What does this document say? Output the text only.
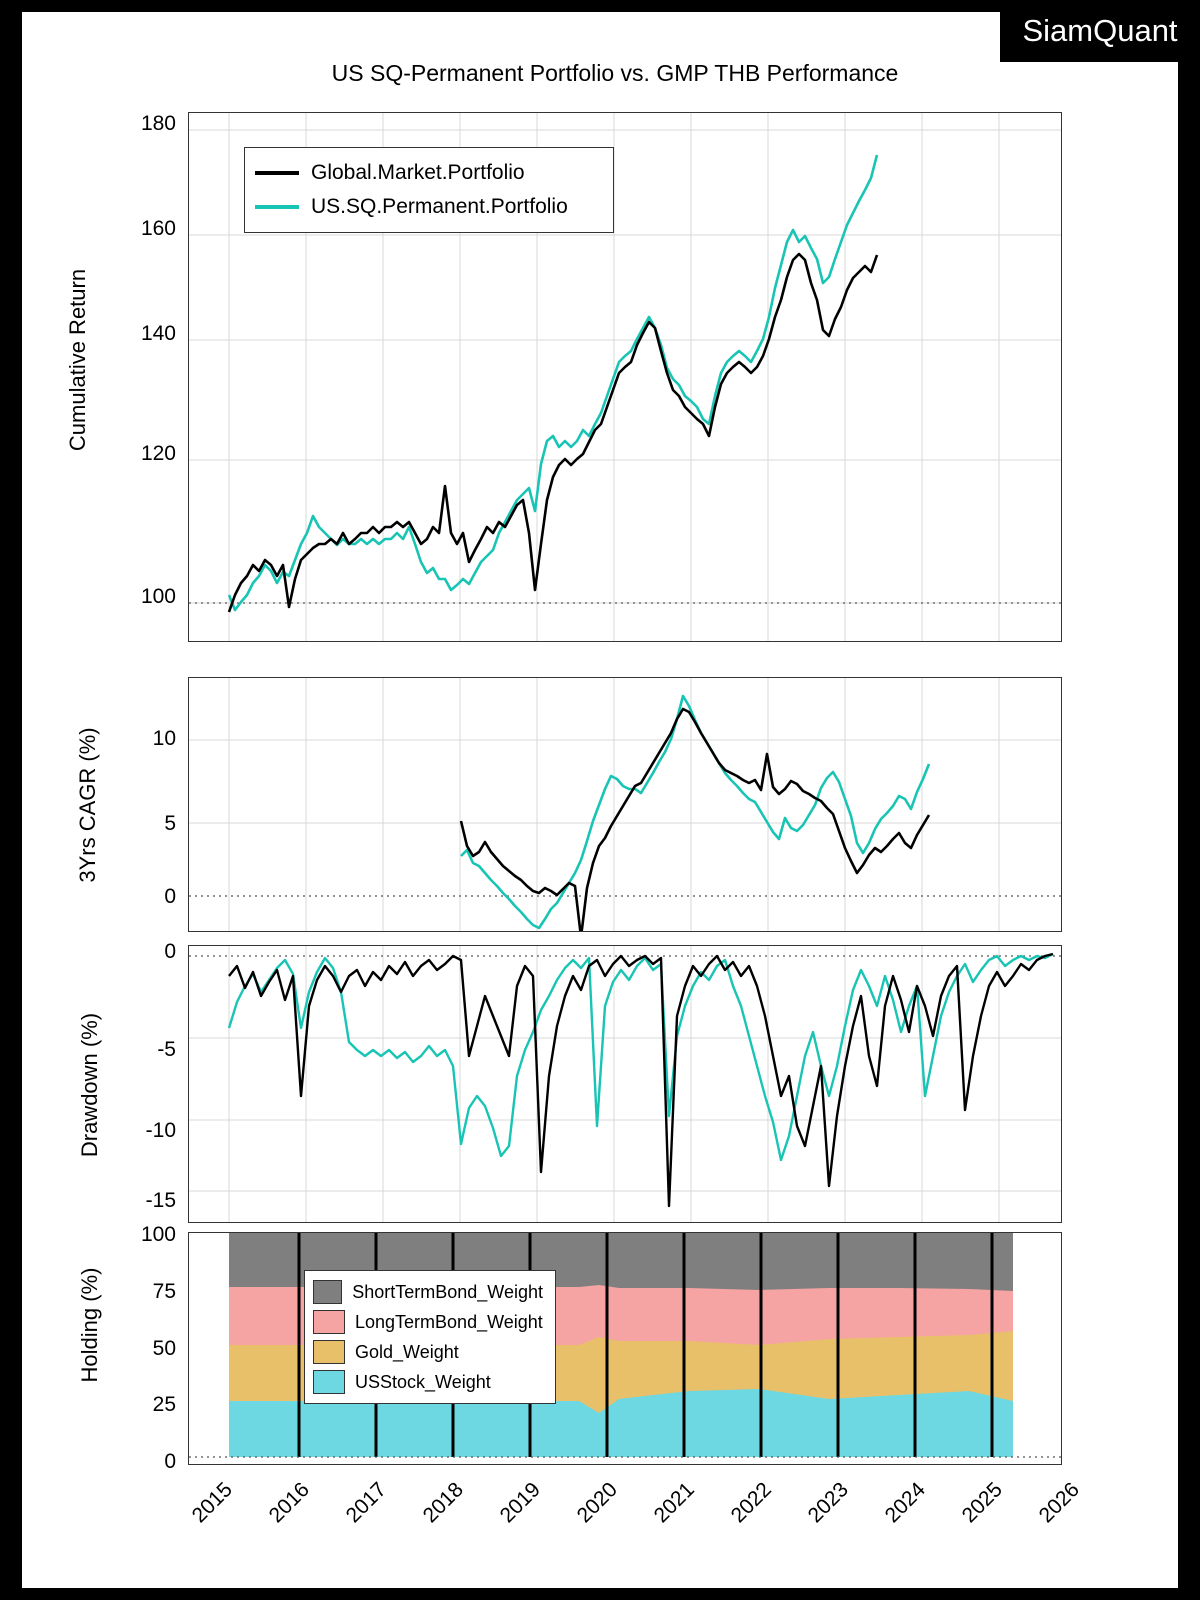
US SQ-Permanent Portfolio vs. GMP THB Performance
Cumulative Return
180
160
140
120
100
Global.Market.Portfolio
US.SQ.Permanent.Portfolio
3Yrs CAGR (%)	10
5
0
Drawdown (%)
0
-5
-10
-15
Holding (%)
100
75
50
25
0
ShortTermBond_Weight
LongTermBond_Weight
Gold_Weight
USStock_Weight
2015 2016 2017 2018 2019 2020 2021 2022 2023 2024 2025 2026
Siam Quant
